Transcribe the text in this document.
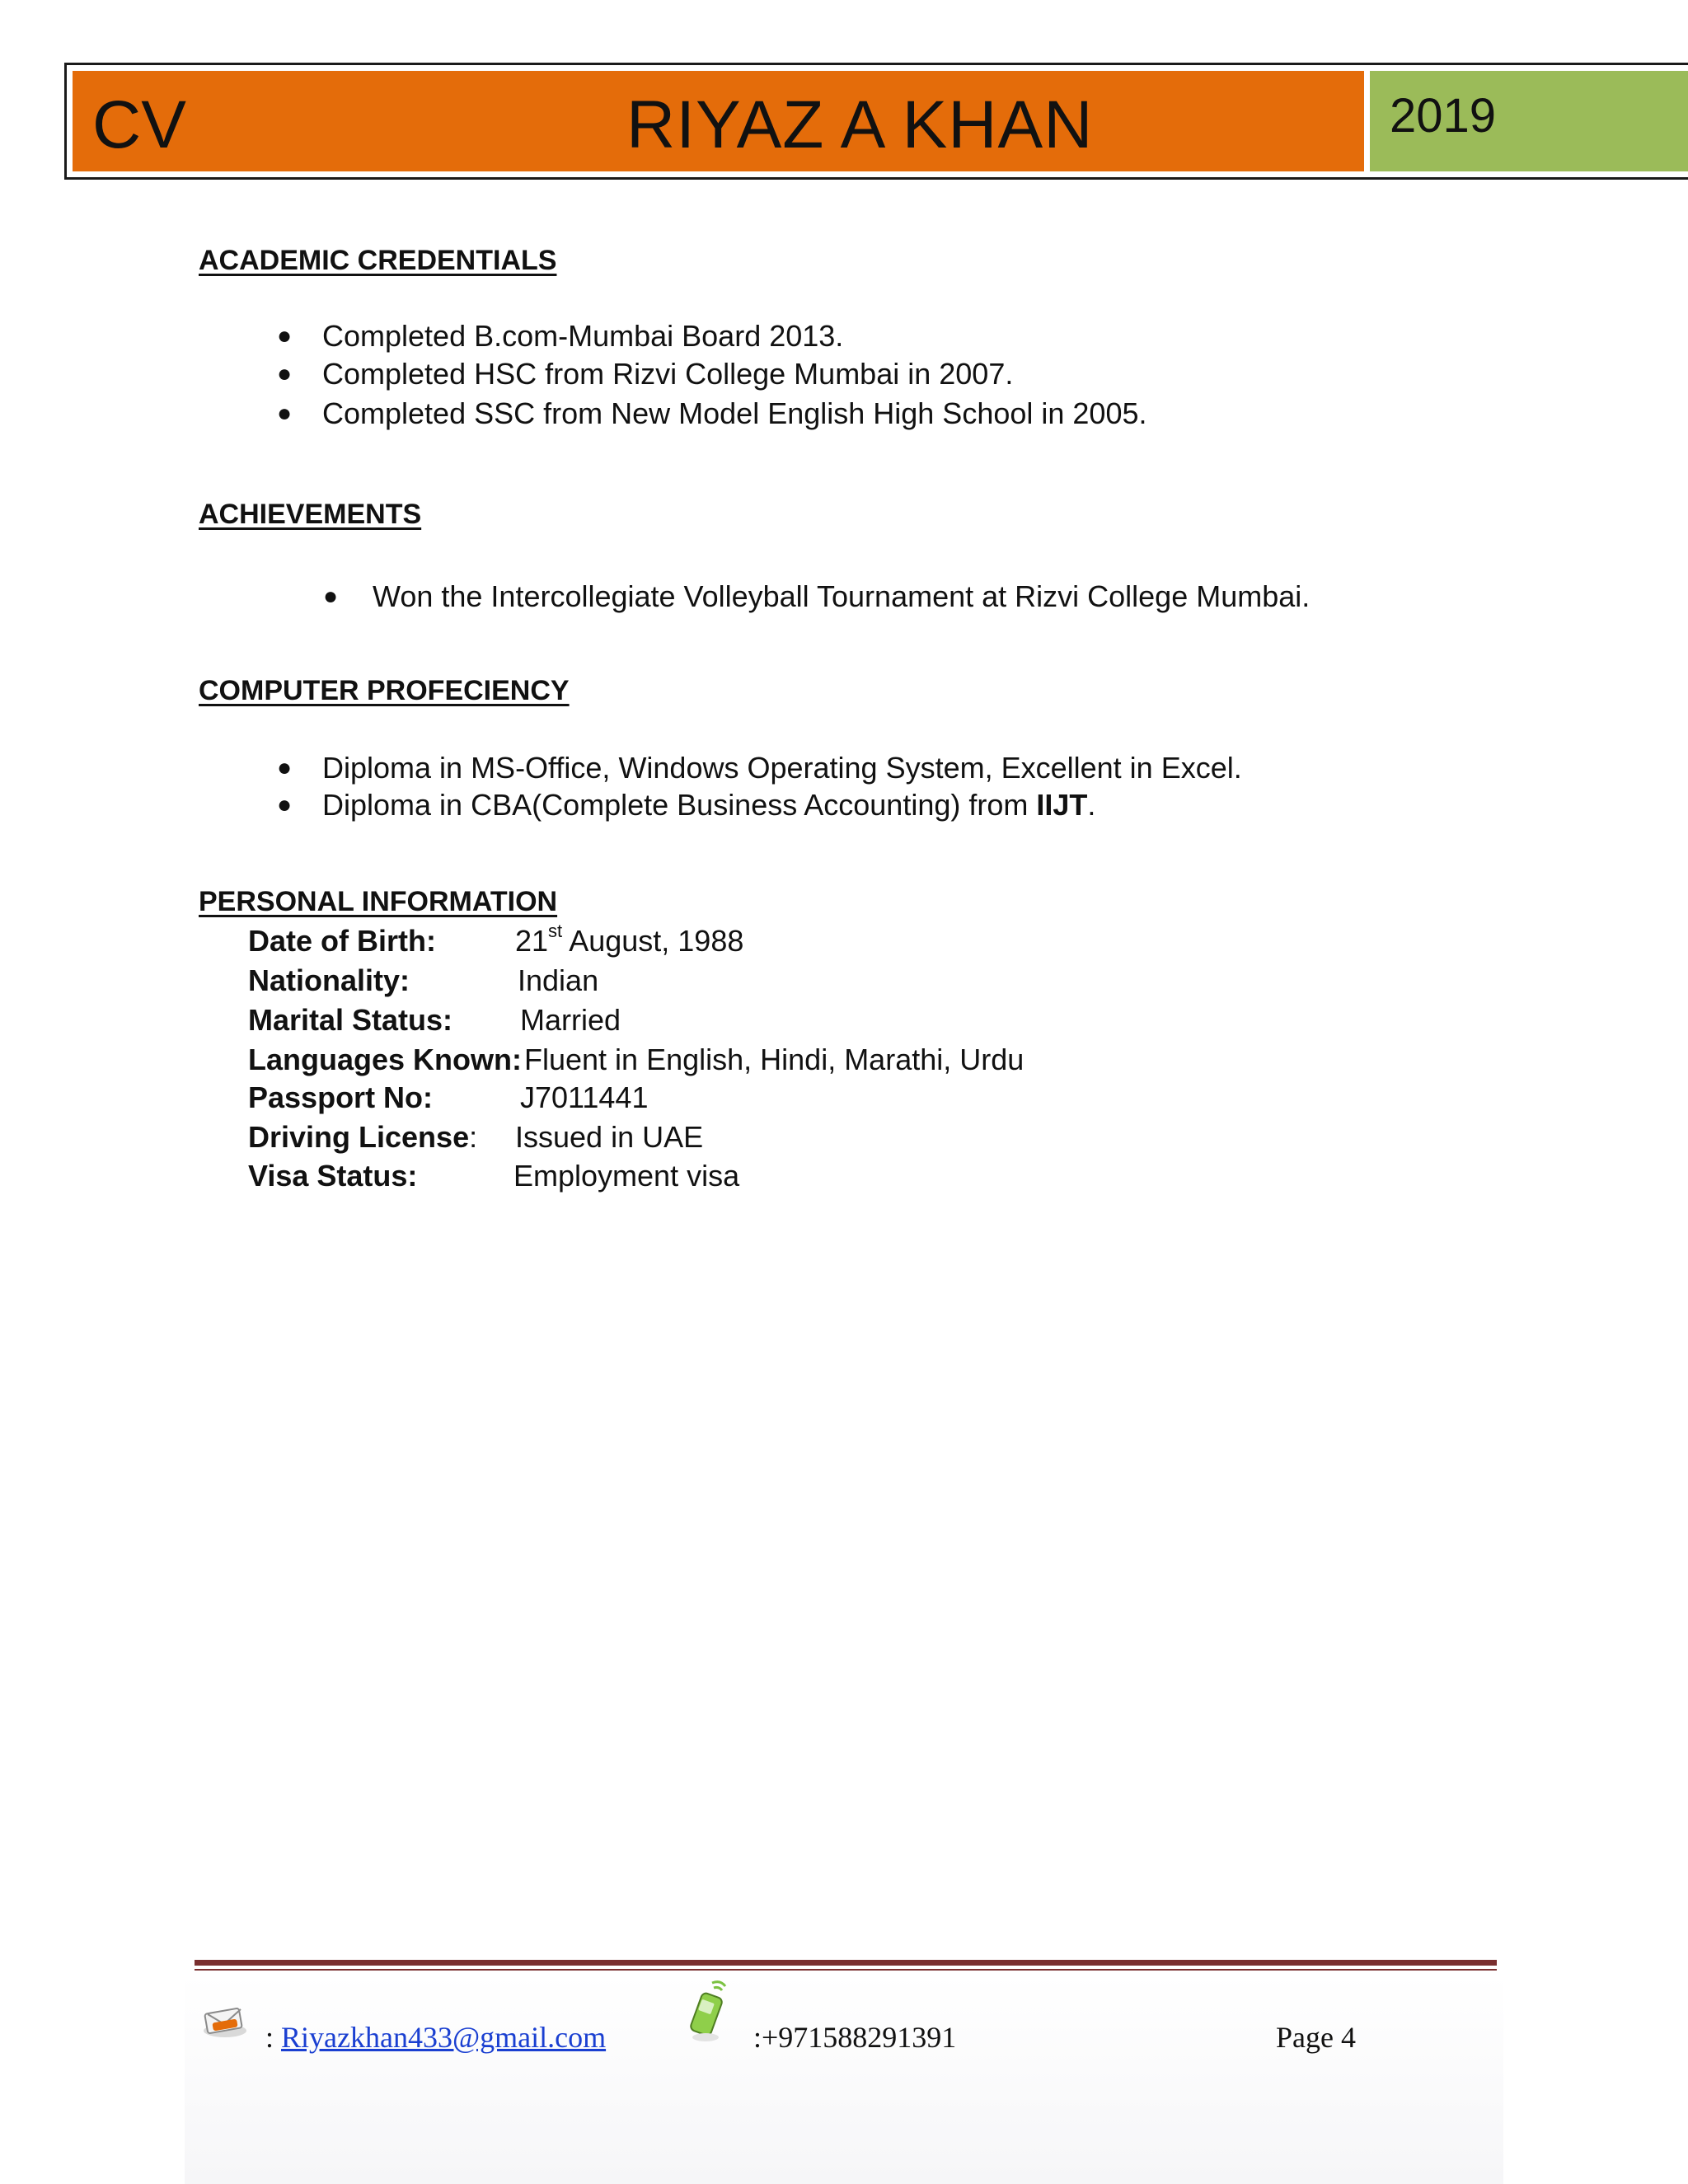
CV	RIYAZ A KHAN	2019
ACADEMIC CREDENTIALS
● Completed B.com-Mumbai Board 2013.
● Completed HSC from Rizvi College Mumbai in 2007.
● Completed SSC from New Model English High School in 2005.
ACHIEVEMENTS
● Won the Intercollegiate Volleyball Tournament at Rizvi College Mumbai.
COMPUTER PROFECIENCY
● Diploma in MS-Office, Windows Operating System, Excellent in Excel.
● Diploma in CBA(Complete Business Accounting) from IIJT.
PERSONAL INFORMATION
Date of Birth:	21st August, 1988
Nationality:	Indian
Marital Status: Married
Languages Known: Fluent in English, Hindi, Marathi, Urdu
Passport No:	J7011441
Driving License: Issued in UAE
Visa Status:	Employment visa
: Riyazkhan433@gmail.com	:+971588291391	Page 4
